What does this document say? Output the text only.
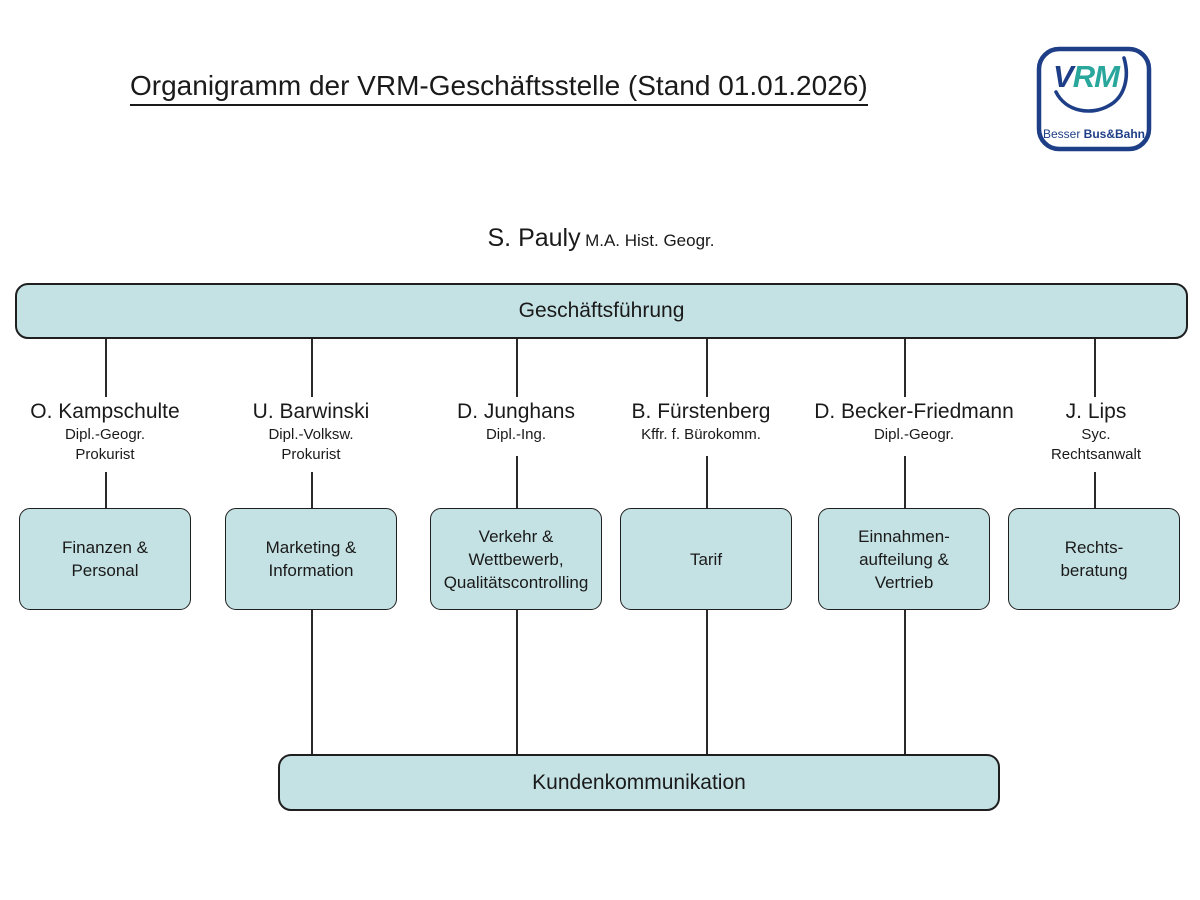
Organigramm der VRM-Geschäftsstelle (Stand 01.01.2026)	VRM
Besser Bus&Bahn
S. Pauly M.A. Hist. Geogr.
Geschäftsführung
O. Kampschulte
Dipl.-Geogr.
Prokurist
U. Barwinski
Dipl.-Volksw.
Prokurist
D. Junghans
Dipl.-Ing.
B. Fürstenberg
Kffr. f. Bürokomm.
D. Becker-Friedmann
Dipl.-Geogr.
J. Lips
Syc.
Rechtsanwalt
Finanzen &
Personal
Marketing &
Information
Verkehr &
Wettbewerb,
Qualitätscontrolling
Tarif
Einnahmen-
aufteilung &
Vertrieb
Rechts-
beratung
Kundenkommunikation
